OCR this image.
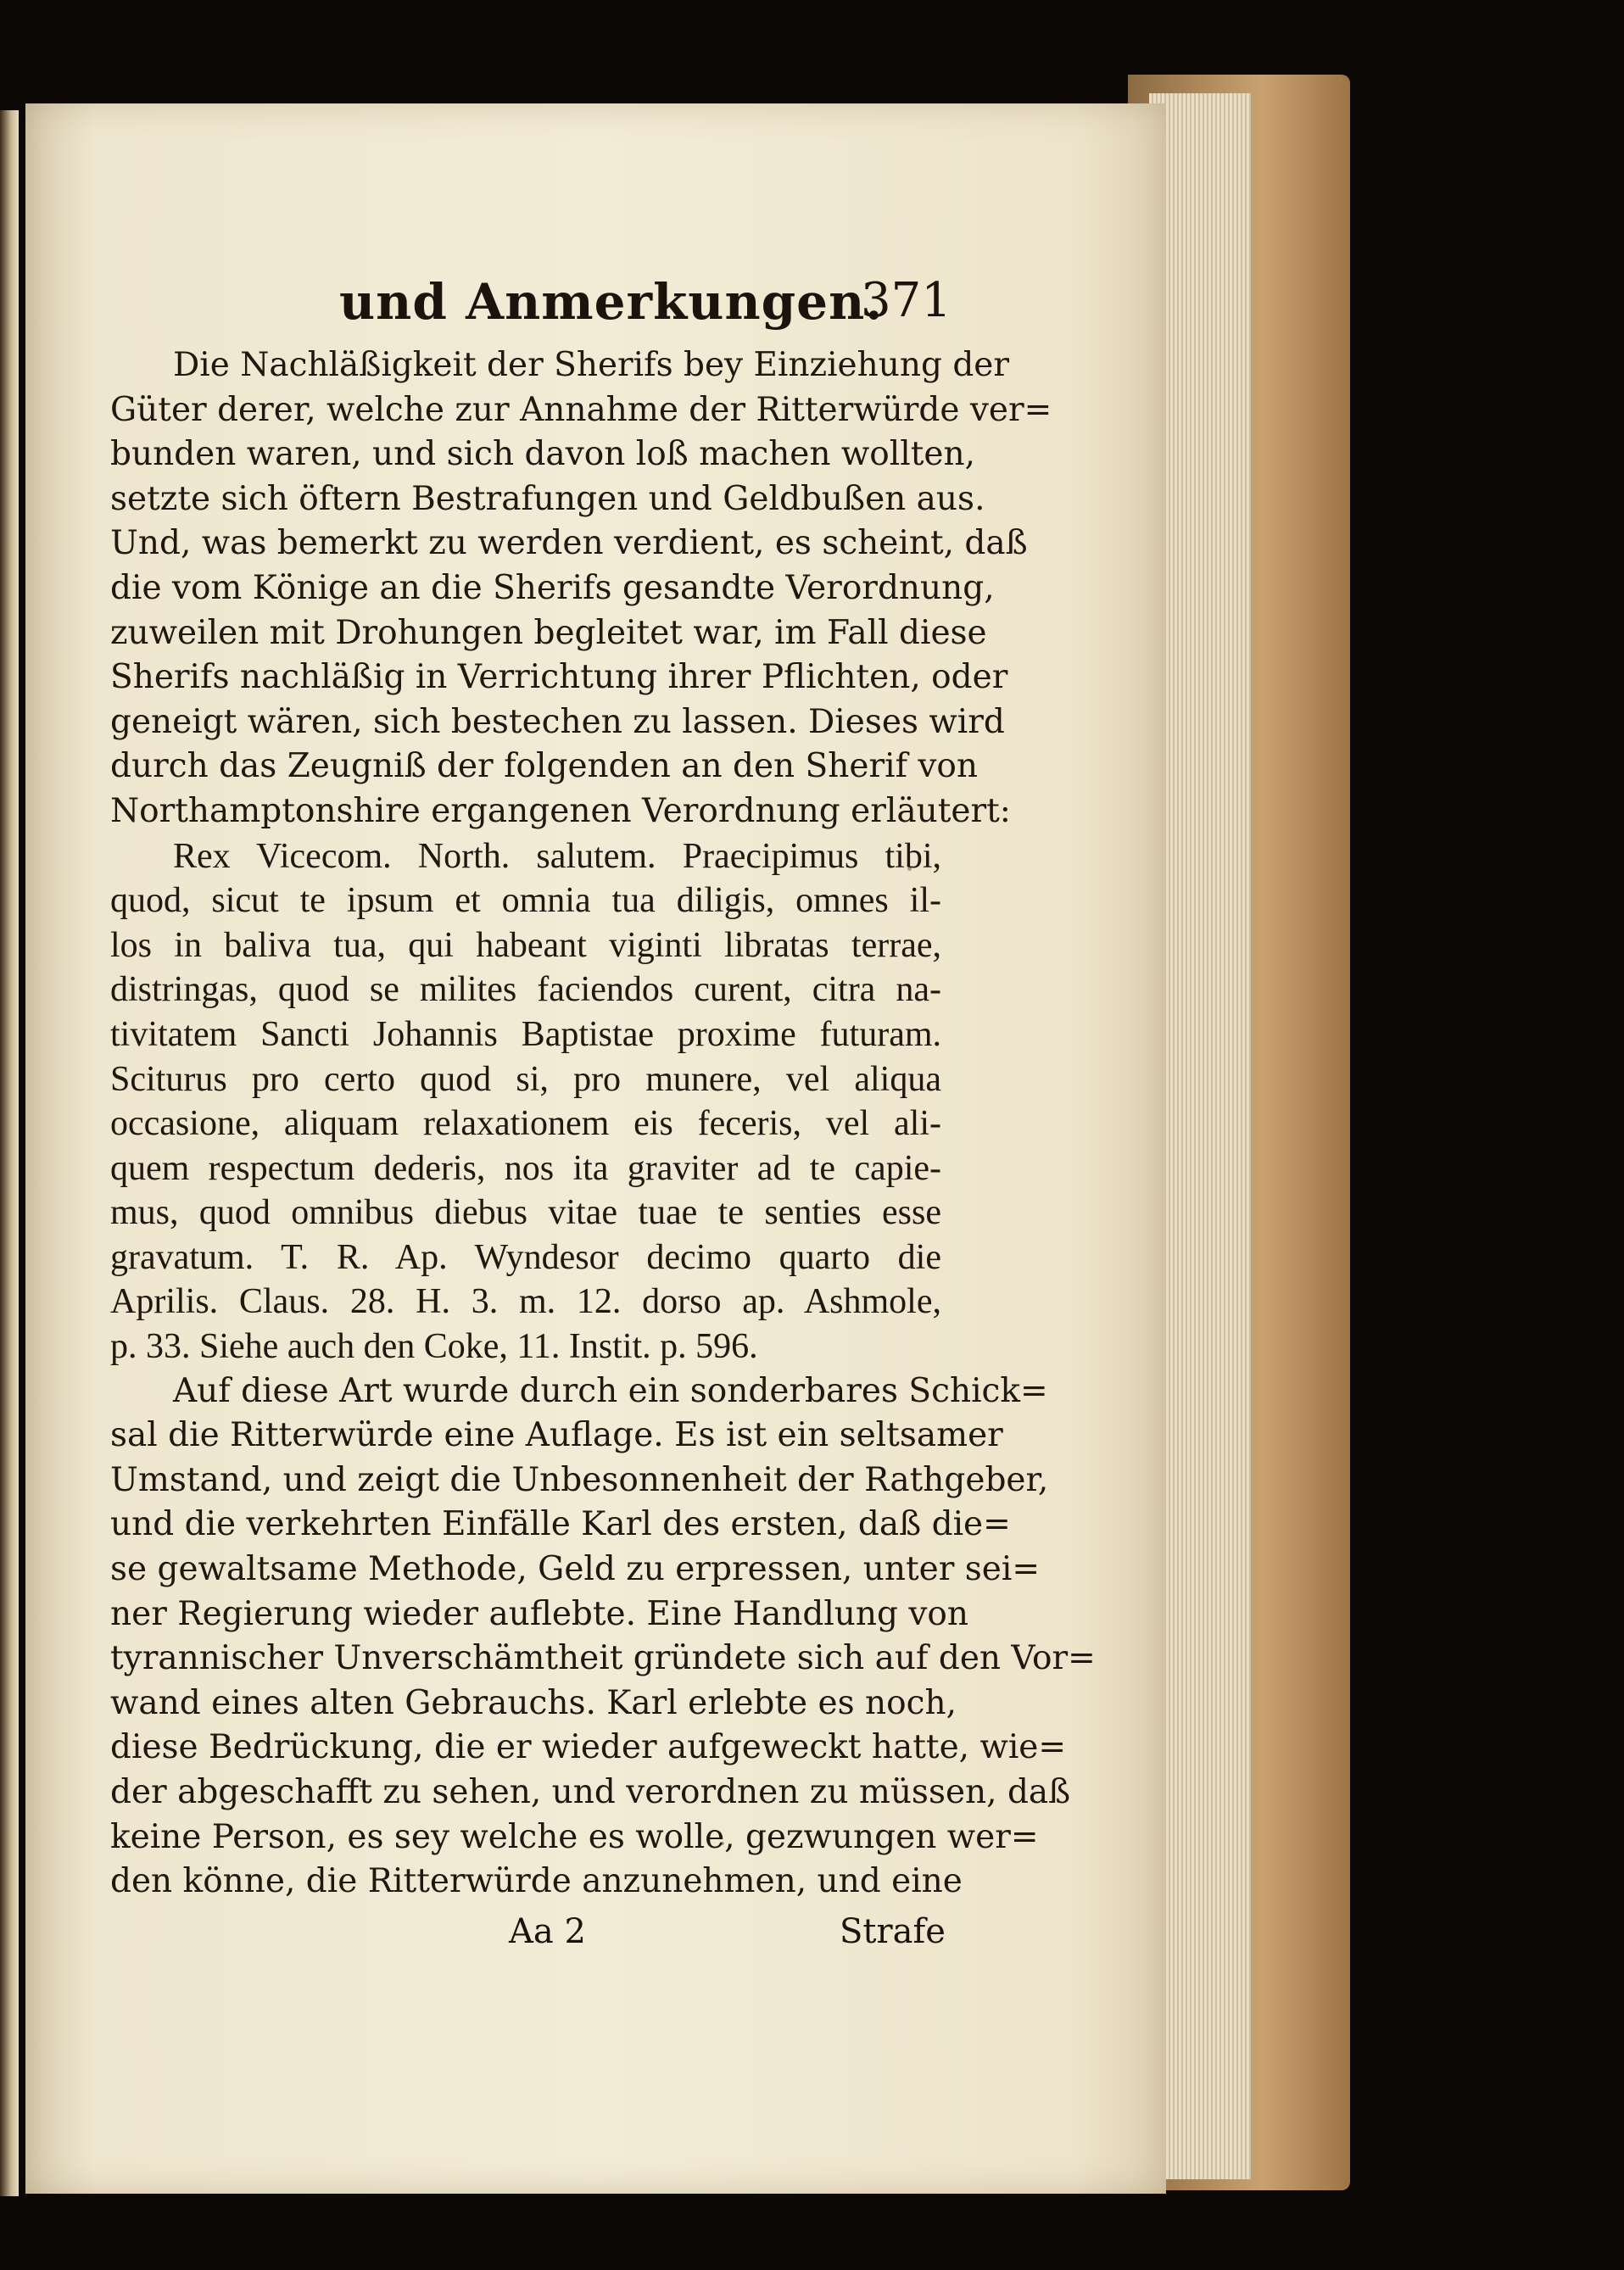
und Anmerkungen.
371
Die Nachläßigkeit der Sherifs bey Einziehung der
Güter derer, welche zur Annahme der Ritterwürde ver=
bunden waren, und sich davon loß machen wollten,
setzte sich öftern Bestrafungen und Geldbußen aus.
Und, was bemerkt zu werden verdient, es scheint, daß
die vom Könige an die Sherifs gesandte Verordnung,
zuweilen mit Drohungen begleitet war, im Fall diese
Sherifs nachläßig in Verrichtung ihrer Pflichten, oder
geneigt wären, sich bestechen zu lassen. Dieses wird
durch das Zeugniß der folgenden an den Sherif von
Northamptonshire ergangenen Verordnung erläutert:
Rex Vicecom. North. salutem. Praecipimus tibi,
quod, sicut te ipsum et omnia tua diligis, omnes il-
los in baliva tua, qui habeant viginti libratas terrae,
distringas, quod se milites faciendos curent, citra na-
tivitatem Sancti Johannis Baptistae proxime futuram.
Sciturus pro certo quod si, pro munere, vel aliqua
occasione, aliquam relaxationem eis feceris, vel ali-
quem respectum dederis, nos ita graviter ad te capie-
mus, quod omnibus diebus vitae tuae te senties esse
gravatum. T. R. Ap. Wyndesor decimo quarto die
Aprilis. Claus. 28. H. 3. m. 12. dorso ap. Ashmole,
p. 33. Siehe auch den Coke, 11. Instit. p. 596.
Auf diese Art wurde durch ein sonderbares Schick=
sal die Ritterwürde eine Auflage. Es ist ein seltsamer
Umstand, und zeigt die Unbesonnenheit der Rathgeber,
und die verkehrten Einfälle Karl des ersten, daß die=
se gewaltsame Methode, Geld zu erpressen, unter sei=
ner Regierung wieder auflebte. Eine Handlung von
tyrannischer Unverschämtheit gründete sich auf den Vor=
wand eines alten Gebrauchs. Karl erlebte es noch,
diese Bedrückung, die er wieder aufgeweckt hatte, wie=
der abgeschafft zu sehen, und verordnen zu müssen, daß
keine Person, es sey welche es wolle, gezwungen wer=
den könne, die Ritterwürde anzunehmen, und eine
Aa 2	Strafe
